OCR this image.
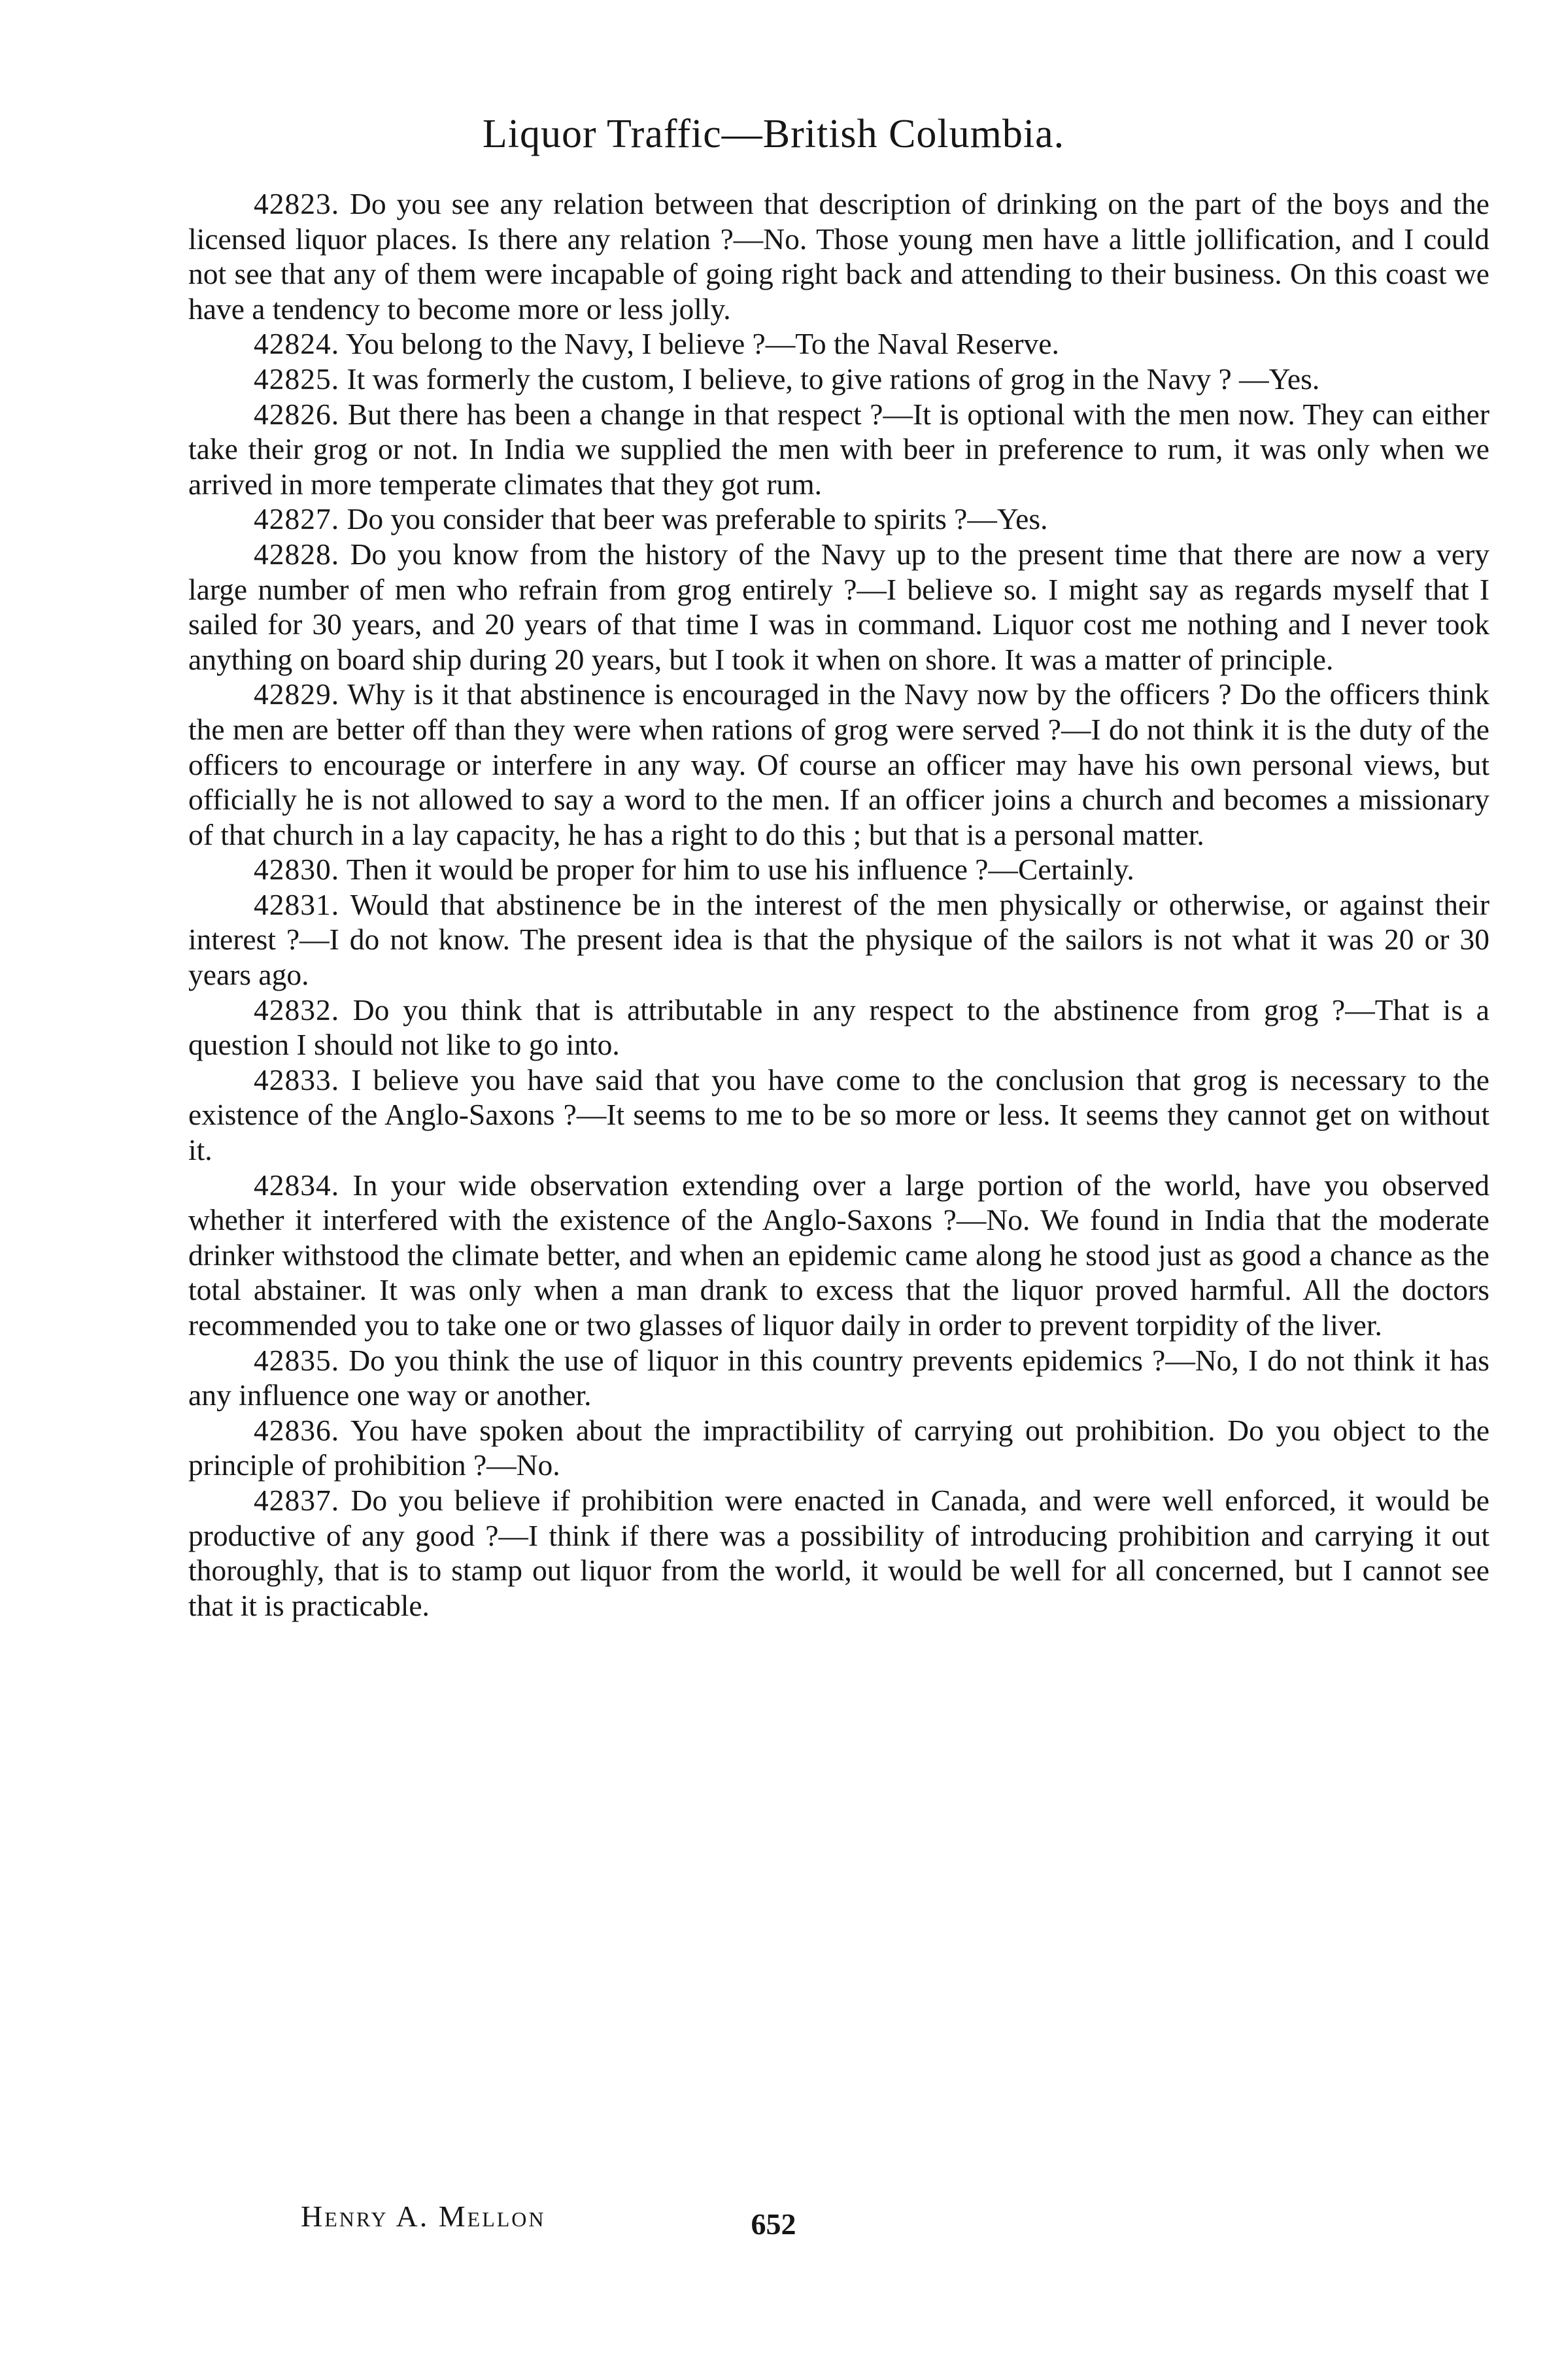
Liquor Traffic—British Columbia.

42823. Do you see any relation between that description of drinking on the part of the boys and the licensed liquor places. Is there any relation ?—No. Those young men have a little jollification, and I could not see that any of them were incapable of going right back and attending to their business. On this coast we have a tendency to become more or less jolly.

42824. You belong to the Navy, I believe ?—To the Naval Reserve.

42825. It was formerly the custom, I believe, to give rations of grog in the Navy ? —Yes.

42826. But there has been a change in that respect ?—It is optional with the men now. They can either take their grog or not. In India we supplied the men with beer in preference to rum, it was only when we arrived in more temperate climates that they got rum.

42827. Do you consider that beer was preferable to spirits ?—Yes.

42828. Do you know from the history of the Navy up to the present time that there are now a very large number of men who refrain from grog entirely ?—I believe so. I might say as regards myself that I sailed for 30 years, and 20 years of that time I was in command. Liquor cost me nothing and I never took anything on board ship during 20 years, but I took it when on shore. It was a matter of principle.

42829. Why is it that abstinence is encouraged in the Navy now by the officers ? Do the officers think the men are better off than they were when rations of grog were served ?—I do not think it is the duty of the officers to encourage or interfere in any way. Of course an officer may have his own personal views, but officially he is not allowed to say a word to the men. If an officer joins a church and becomes a missionary of that church in a lay capacity, he has a right to do this ; but that is a personal matter.

42830. Then it would be proper for him to use his influence ?—Certainly.

42831. Would that abstinence be in the interest of the men physically or otherwise, or against their interest ?—I do not know. The present idea is that the physique of the sailors is not what it was 20 or 30 years ago.

42832. Do you think that is attributable in any respect to the abstinence from grog ?—That is a question I should not like to go into.

42833. I believe you have said that you have come to the conclusion that grog is necessary to the existence of the Anglo-Saxons ?—It seems to me to be so more or less. It seems they cannot get on without it.

42834. In your wide observation extending over a large portion of the world, have you observed whether it interfered with the existence of the Anglo-Saxons ?—No. We found in India that the moderate drinker withstood the climate better, and when an epidemic came along he stood just as good a chance as the total abstainer. It was only when a man drank to excess that the liquor proved harmful. All the doctors recommended you to take one or two glasses of liquor daily in order to prevent torpidity of the liver.

42835. Do you think the use of liquor in this country prevents epidemics ?—No, I do not think it has any influence one way or another.

42836. You have spoken about the impractibility of carrying out prohibition. Do you object to the principle of prohibition ?—No.

42837. Do you believe if prohibition were enacted in Canada, and were well enforced, it would be productive of any good ?—I think if there was a possibility of introducing prohibition and carrying it out thoroughly, that is to stamp out liquor from the world, it would be well for all concerned, but I cannot see that it is practicable.

Henry A. Mellon	652
